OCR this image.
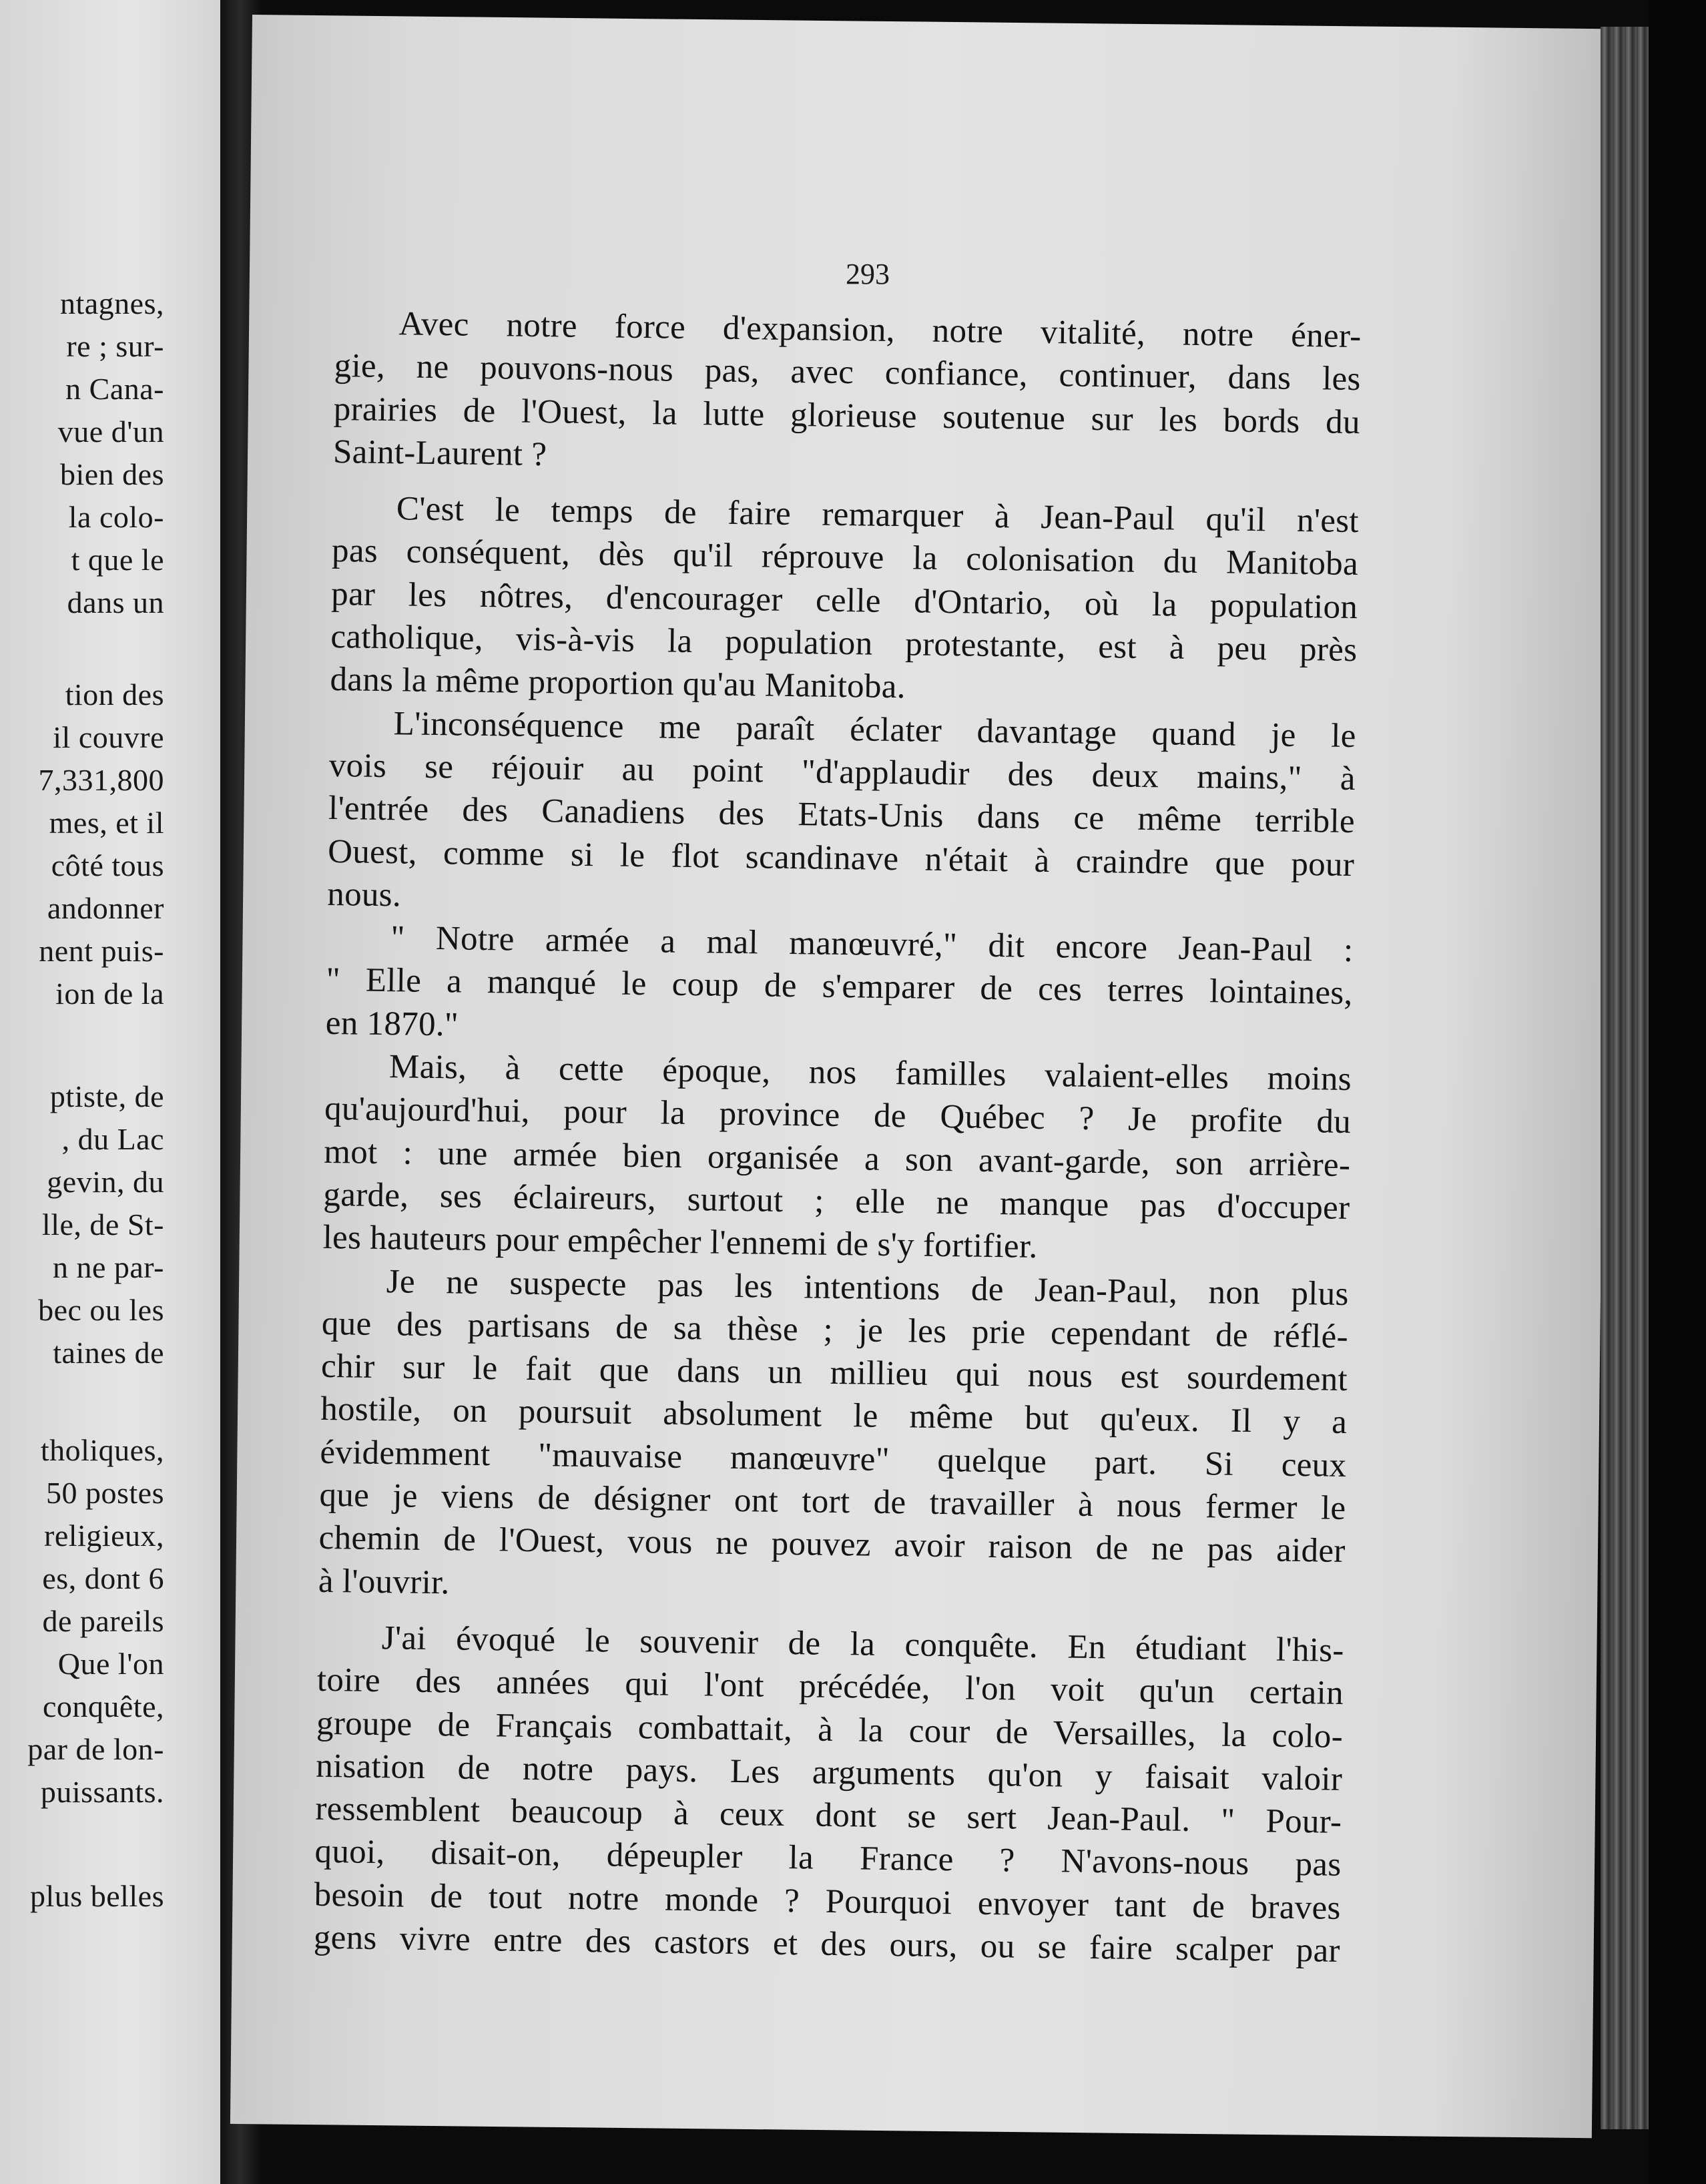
ntagnes,
re ; sur-
n Cana-
vue d'un
bien des
la colo-
t que le
dans un
tion des
il couvre
7,331,800
mes, et il
côté tous
andonner
nent puis-
ion de la
ptiste, de
, du Lac
gevin, du
lle, de St-
n ne par-
bec ou les
taines de
tholiques,
50 postes
religieux,
es, dont 6
de pareils
Que l'on
conquête,
par de lon-
puissants.
plus belles
293
Avec notre force d'expansion, notre vitalité, notre éner-
gie, ne pouvons-nous pas, avec confiance, continuer, dans les
prairies de l'Ouest, la lutte glorieuse soutenue sur les bords du
Saint-Laurent ?
C'est le temps de faire remarquer à Jean-Paul qu'il n'est
pas conséquent, dès qu'il réprouve la colonisation du Manitoba
par les nôtres, d'encourager celle d'Ontario, où la population
catholique, vis-à-vis la population protestante, est à peu près
dans la même proportion qu'au Manitoba.
L'inconséquence me paraît éclater davantage quand je le
vois se réjouir au point "d'applaudir des deux mains," à
l'entrée des Canadiens des Etats-Unis dans ce même terrible
Ouest, comme si le flot scandinave n'était à craindre que pour
nous.
" Notre armée a mal manœuvré," dit encore Jean-Paul :
" Elle a manqué le coup de s'emparer de ces terres lointaines,
en 1870."
Mais, à cette époque, nos familles valaient-elles moins
qu'aujourd'hui, pour la province de Québec ? Je profite du
mot : une armée bien organisée a son avant-garde, son arrière-
garde, ses éclaireurs, surtout ; elle ne manque pas d'occuper
les hauteurs pour empêcher l'ennemi de s'y fortifier.
Je ne suspecte pas les intentions de Jean-Paul, non plus
que des partisans de sa thèse ; je les prie cependant de réflé-
chir sur le fait que dans un millieu qui nous est sourdement
hostile, on poursuit absolument le même but qu'eux. Il y a
évidemment "mauvaise manœuvre" quelque part. Si ceux
que je viens de désigner ont tort de travailler à nous fermer le
chemin de l'Ouest, vous ne pouvez avoir raison de ne pas aider
à l'ouvrir.
J'ai évoqué le souvenir de la conquête. En étudiant l'his-
toire des années qui l'ont précédée, l'on voit qu'un certain
groupe de Français combattait, à la cour de Versailles, la colo-
nisation de notre pays. Les arguments qu'on y faisait valoir
ressemblent beaucoup à ceux dont se sert Jean-Paul. " Pour-
quoi, disait-on, dépeupler la France ? N'avons-nous pas
besoin de tout notre monde ? Pourquoi envoyer tant de braves
gens vivre entre des castors et des ours, ou se faire scalper par
